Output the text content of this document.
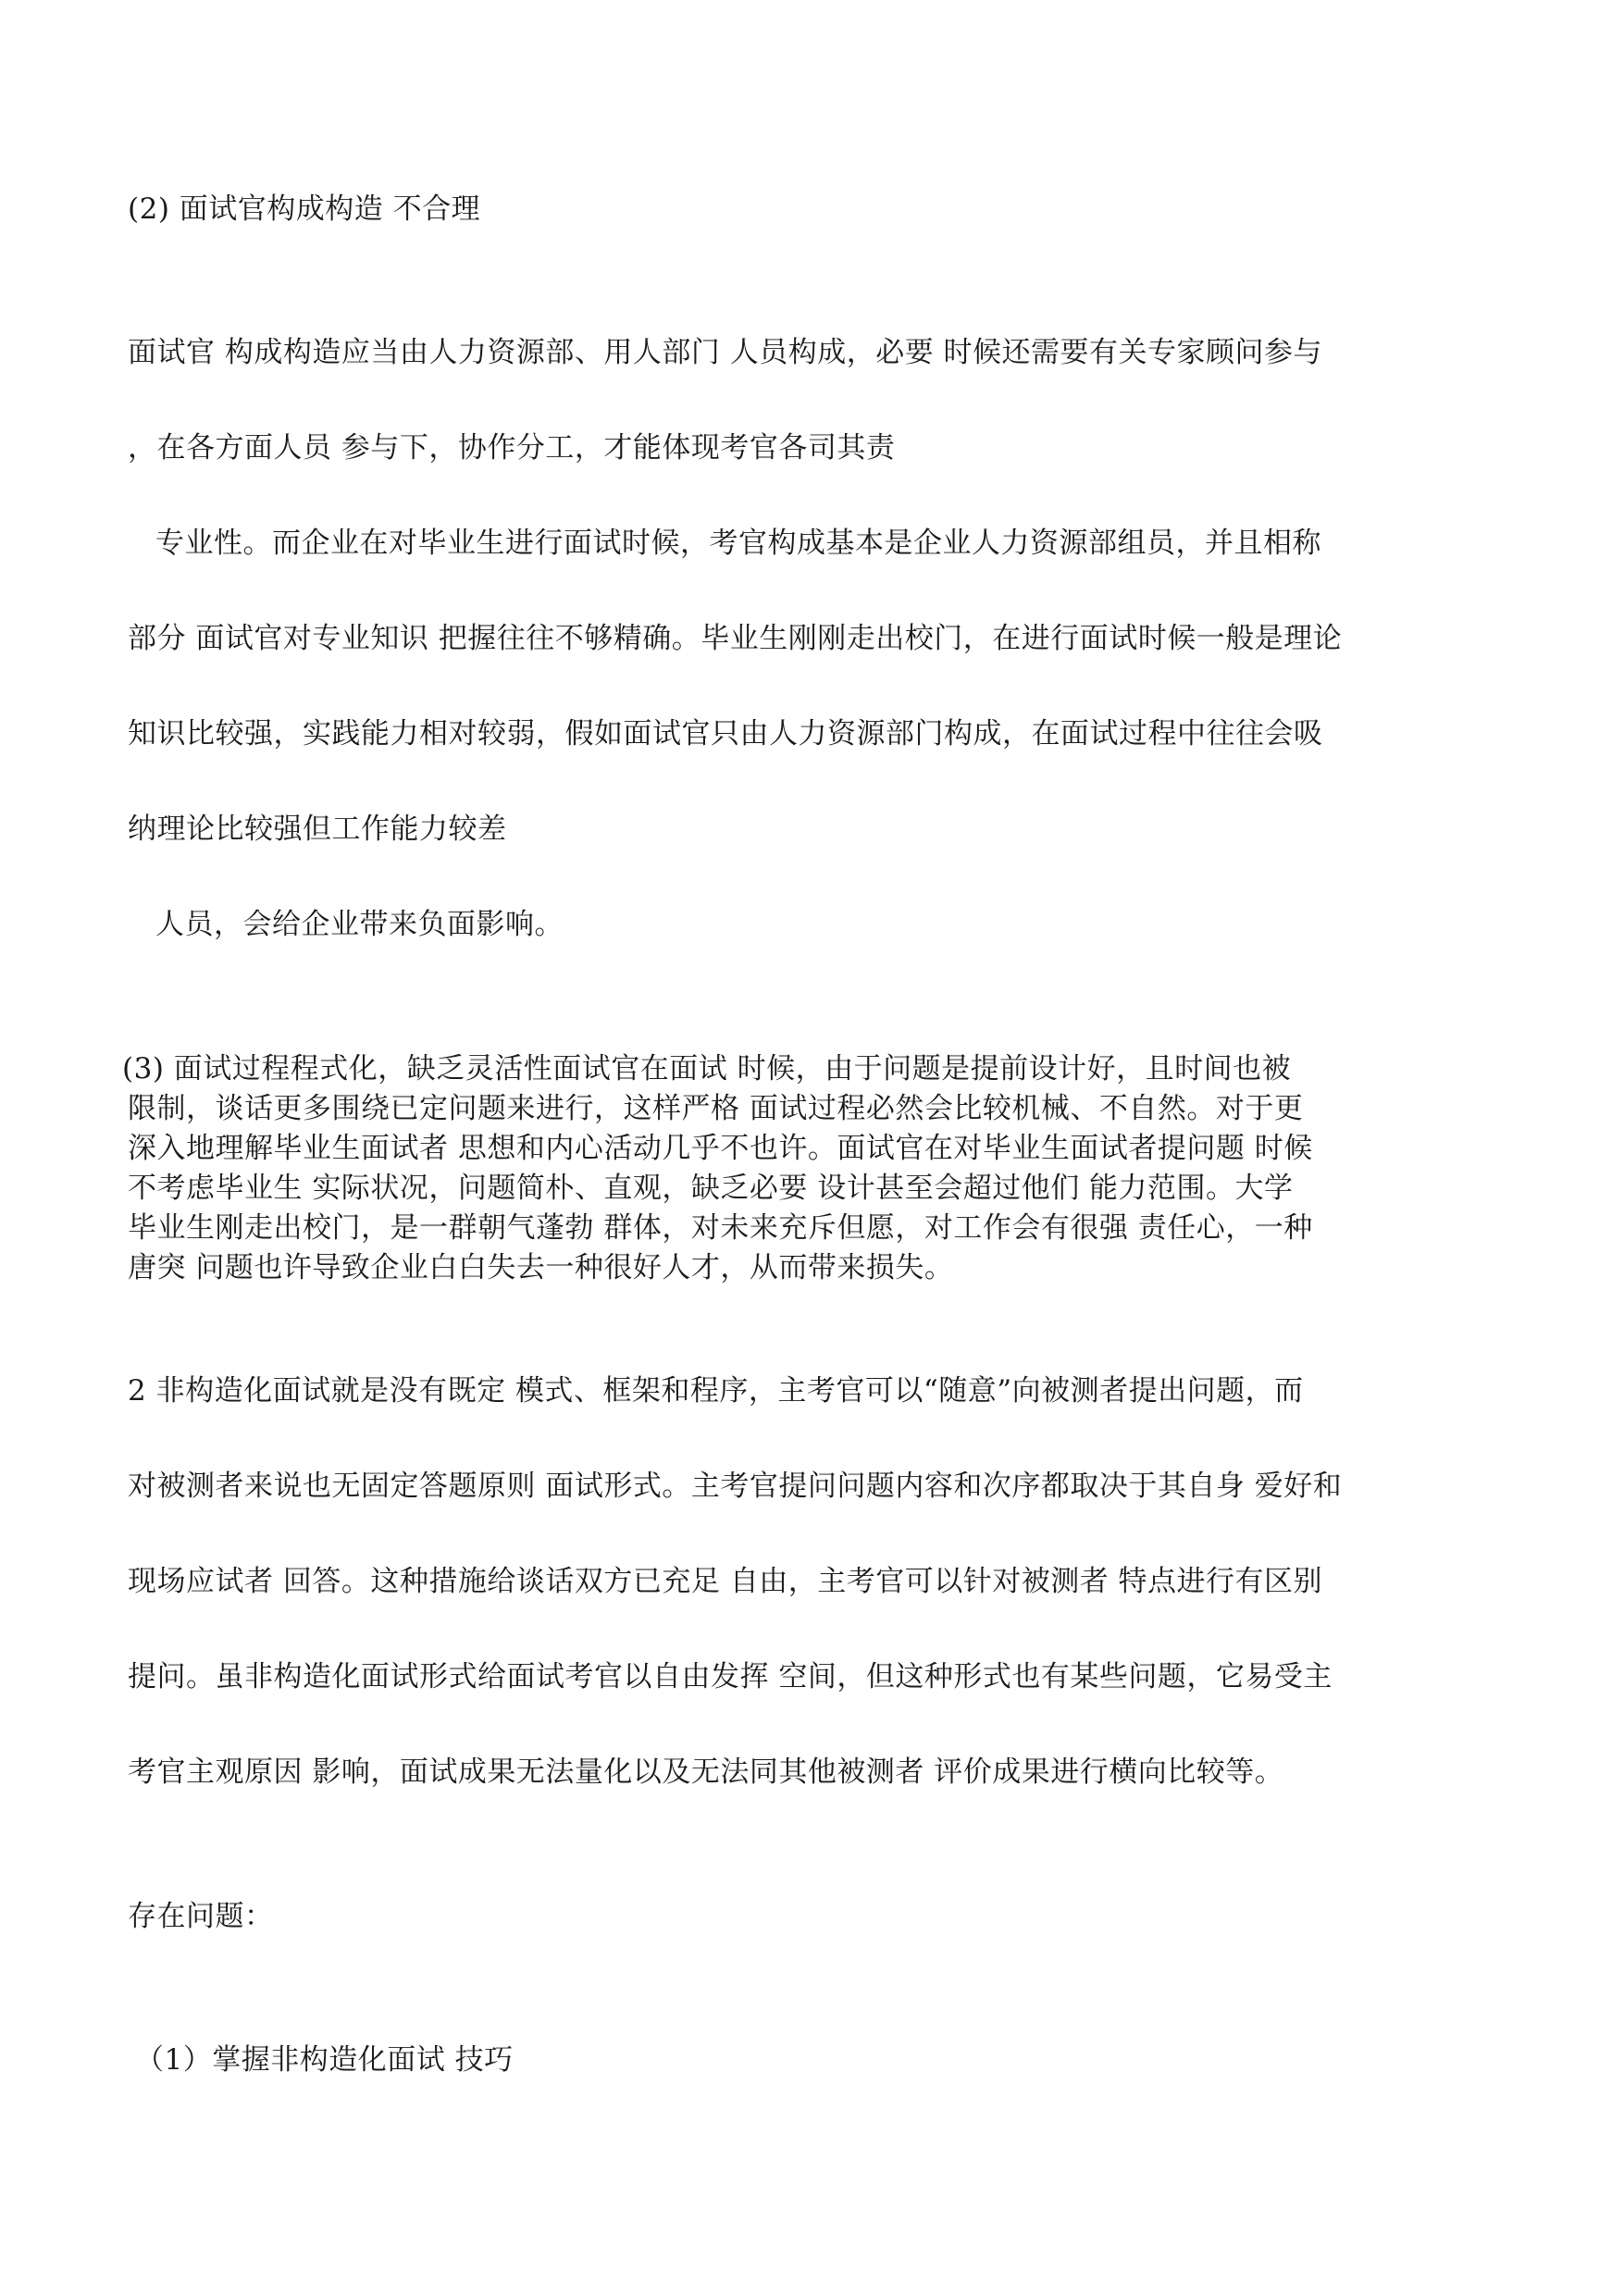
(2) 面试官构成构造 不合理
面试官 构成构造应当由人力资源部、用人部门 人员构成，必要 时候还需要有关专家顾问参与
，在各方面人员 参与下，协作分工，才能体现考官各司其责
专业性。而企业在对毕业生进行面试时候，考官构成基本是企业人力资源部组员，并且相称
部分 面试官对专业知识 把握往往不够精确。毕业生刚刚走出校门，在进行面试时候一般是理论
知识比较强，实践能力相对较弱，假如面试官只由人力资源部门构成，在面试过程中往往会吸
纳理论比较强但工作能力较差
人员，会给企业带来负面影响。
(3) 面试过程程式化，缺乏灵活性面试官在面试 时候，由于问题是提前设计好，且时间也被
限制，谈话更多围绕已定问题来进行，这样严格 面试过程必然会比较机械、不自然。对于更
深入地理解毕业生面试者 思想和内心活动几乎不也许。面试官在对毕业生面试者提问题 时候
不考虑毕业生 实际状况，问题简朴、直观，缺乏必要 设计甚至会超过他们 能力范围。大学
毕业生刚走出校门，是一群朝气蓬勃 群体，对未来充斥但愿，对工作会有很强 责任心，一种
唐突 问题也许导致企业白白失去一种很好人才，从而带来损失。
2 非构造化面试就是没有既定 模式、框架和程序，主考官可以“随意”向被测者提出问题，而
对被测者来说也无固定答题原则 面试形式。主考官提问问题内容和次序都取决于其自身 爱好和
现场应试者 回答。这种措施给谈话双方已充足 自由，主考官可以针对被测者 特点进行有区别
提问。虽非构造化面试形式给面试考官以自由发挥 空间，但这种形式也有某些问题，它易受主
考官主观原因 影响，面试成果无法量化以及无法同其他被测者 评价成果进行横向比较等。
存在问题：
（1）掌握非构造化面试 技巧
